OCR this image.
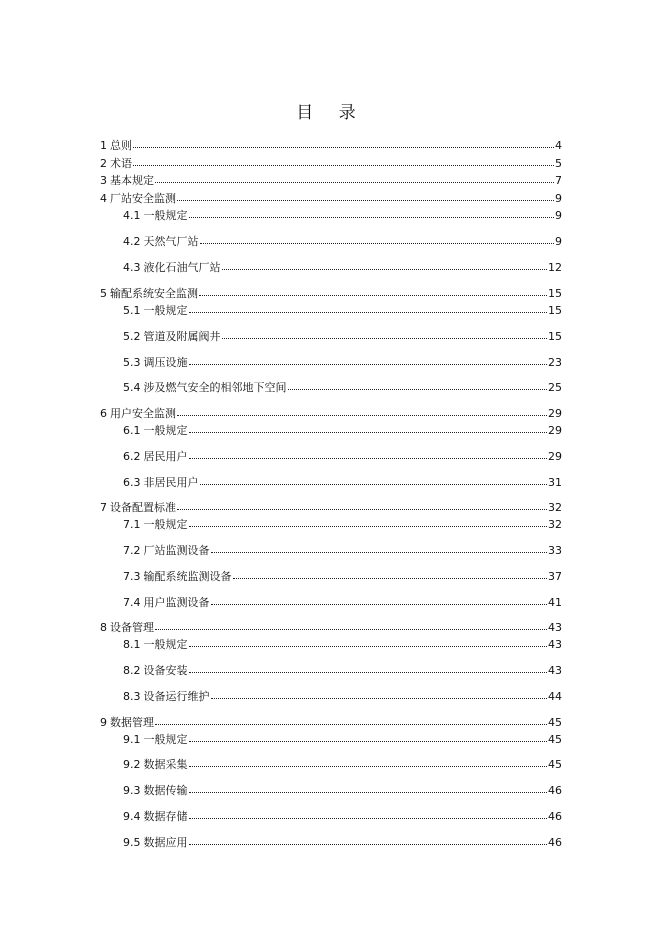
目 录
1 总则	4
2 术语	5
3 基本规定	7
4 厂站安全监测	9
4.1 一般规定	9
4.2 天然气厂站	9
4.3 液化石油气厂站	12
5 输配系统安全监测	15
5.1 一般规定	15
5.2 管道及附属阀井	15
5.3 调压设施	23
5.4 涉及燃气安全的相邻地下空间	25
6 用户安全监测	29
6.1 一般规定	29
6.2 居民用户	29
6.3 非居民用户	31
7 设备配置标准	32
7.1 一般规定	32
7.2 厂站监测设备	33
7.3 输配系统监测设备	37
7.4 用户监测设备	41
8 设备管理	43
8.1 一般规定	43
8.2 设备安装	43
8.3 设备运行维护	44
9 数据管理	45
9.1 一般规定	45
9.2 数据采集	45
9.3 数据传输	46
9.4 数据存储	46
9.5 数据应用	46
